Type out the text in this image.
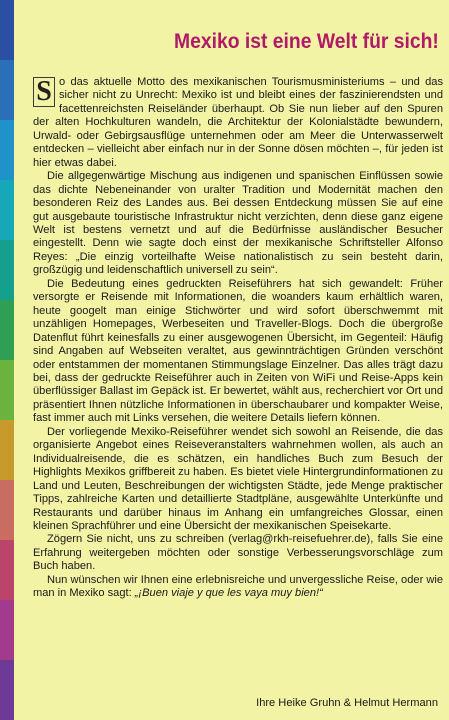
Mexiko ist eine Welt für sich!

S o das aktuelle Motto des mexikanischen Tourismusministeriums – und das sicher nicht zu Unrecht: Mexiko ist und bleibt eines der faszinierendsten und facettenreichsten Reiseländer überhaupt. Ob Sie nun lieber auf den Spuren der alten Hochkulturen wandeln, die Architektur der Kolonialstädte bewundern, Urwald- oder Gebirgsausflüge unternehmen oder am Meer die Unterwasserwelt entdecken – vielleicht aber einfach nur in der Sonne dösen möchten –, für jeden ist hier etwas dabei.

Die allgegenwärtige Mischung aus indigenen und spanischen Einflüssen sowie das dichte Nebeneinander von uralter Tradition und Modernität machen den besonderen Reiz des Landes aus. Bei dessen Entdeckung müssen Sie auf eine gut ausgebaute touristische Infrastruktur nicht verzichten, denn diese ganz eigene Welt ist bestens vernetzt und auf die Bedürfnisse ausländischer Besucher eingestellt. Denn wie sagte doch einst der mexikanische Schriftsteller Alfonso Reyes: „Die einzig vorteilhafte Weise nationalistisch zu sein besteht darin, großzügig und leidenschaftlich universell zu sein“.

Die Bedeutung eines gedruckten Reiseführers hat sich gewandelt: Früher versorgte er Reisende mit Informationen, die woanders kaum erhältlich waren, heute googelt man einige Stichwörter und wird sofort überschwemmt mit unzähligen Homepages, Werbeseiten und Traveller-Blogs. Doch die übergroße Datenflut führt keinesfalls zu einer ausgewogenen Übersicht, im Gegenteil: Häufig sind Angaben auf Webseiten veraltet, aus gewinnträchtigen Gründen verschönt oder entstammen der momentanen Stimmungslage Einzelner. Das alles trägt dazu bei, dass der gedruckte Reiseführer auch in Zeiten von WiFi und Reise-Apps kein überflüssiger Ballast im Gepäck ist. Er bewertet, wählt aus, recherchiert vor Ort und präsentiert Ihnen nützliche Informationen in überschaubarer und kompakter Weise, fast immer auch mit Links versehen, die weitere Details liefern können.

Der vorliegende Mexiko-Reiseführer wendet sich sowohl an Reisende, die das organisierte Angebot eines Reiseveranstalters wahrnehmen wollen, als auch an Individualreisende, die es schätzen, ein handliches Buch zum Besuch der Highlights Mexikos griffbereit zu haben. Es bietet viele Hintergrundinformationen zu Land und Leuten, Beschreibungen der wichtigsten Städte, jede Menge praktischer Tipps, zahlreiche Karten und detaillierte Stadtpläne, ausgewählte Unterkünfte und Restaurants und darüber hinaus im Anhang ein umfangreiches Glossar, einen kleinen Sprachführer und eine Übersicht der mexikanischen Speisekarte.

Zögern Sie nicht, uns zu schreiben (verlag@rkh-reisefuehrer.de), falls Sie eine Erfahrung weitergeben möchten oder sonstige Verbesserungsvorschläge zum Buch haben.

Nun wünschen wir Ihnen eine erlebnisreiche und unvergessliche Reise, oder wie man in Mexiko sagt: „¡Buen viaje y que les vaya muy bien!“

Ihre Heike Gruhn & Helmut Hermann
